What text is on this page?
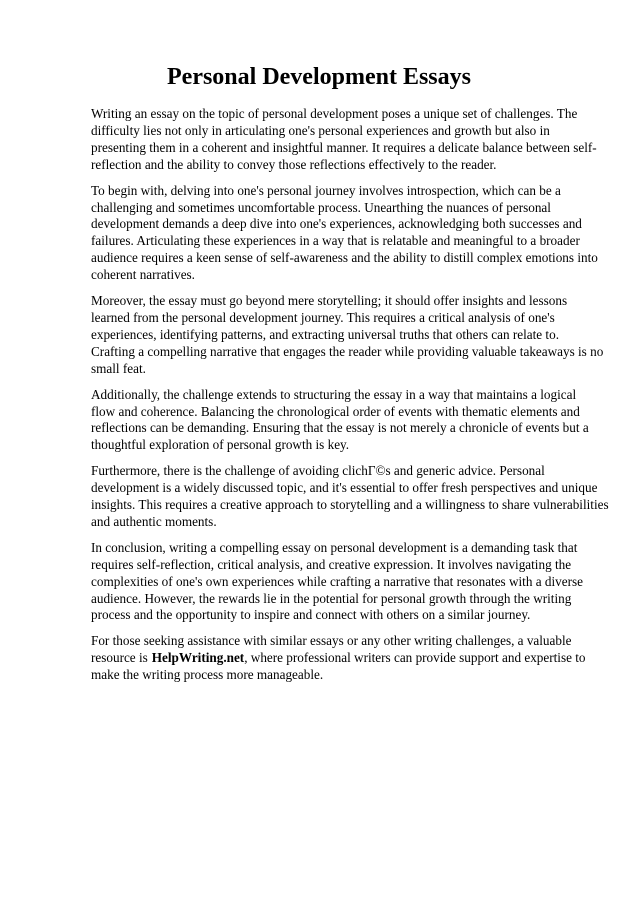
Personal Development Essays

Writing an essay on the topic of personal development poses a unique set of challenges. The
difficulty lies not only in articulating one's personal experiences and growth but also in
presenting them in a coherent and insightful manner. It requires a delicate balance between self-
reflection and the ability to convey those reflections effectively to the reader.

To begin with, delving into one's personal journey involves introspection, which can be a
challenging and sometimes uncomfortable process. Unearthing the nuances of personal
development demands a deep dive into one's experiences, acknowledging both successes and
failures. Articulating these experiences in a way that is relatable and meaningful to a broader
audience requires a keen sense of self-awareness and the ability to distill complex emotions into
coherent narratives.

Moreover, the essay must go beyond mere storytelling; it should offer insights and lessons
learned from the personal development journey. This requires a critical analysis of one's
experiences, identifying patterns, and extracting universal truths that others can relate to.
Crafting a compelling narrative that engages the reader while providing valuable takeaways is no
small feat.

Additionally, the challenge extends to structuring the essay in a way that maintains a logical
flow and coherence. Balancing the chronological order of events with thematic elements and
reflections can be demanding. Ensuring that the essay is not merely a chronicle of events but a
thoughtful exploration of personal growth is key.

Furthermore, there is the challenge of avoiding clichΓ©s and generic advice. Personal
development is a widely discussed topic, and it's essential to offer fresh perspectives and unique
insights. This requires a creative approach to storytelling and a willingness to share vulnerabilities
and authentic moments.

In conclusion, writing a compelling essay on personal development is a demanding task that
requires self-reflection, critical analysis, and creative expression. It involves navigating the
complexities of one's own experiences while crafting a narrative that resonates with a diverse
audience. However, the rewards lie in the potential for personal growth through the writing
process and the opportunity to inspire and connect with others on a similar journey.

For those seeking assistance with similar essays or any other writing challenges, a valuable
resource is HelpWriting.net, where professional writers can provide support and expertise to
make the writing process more manageable.
